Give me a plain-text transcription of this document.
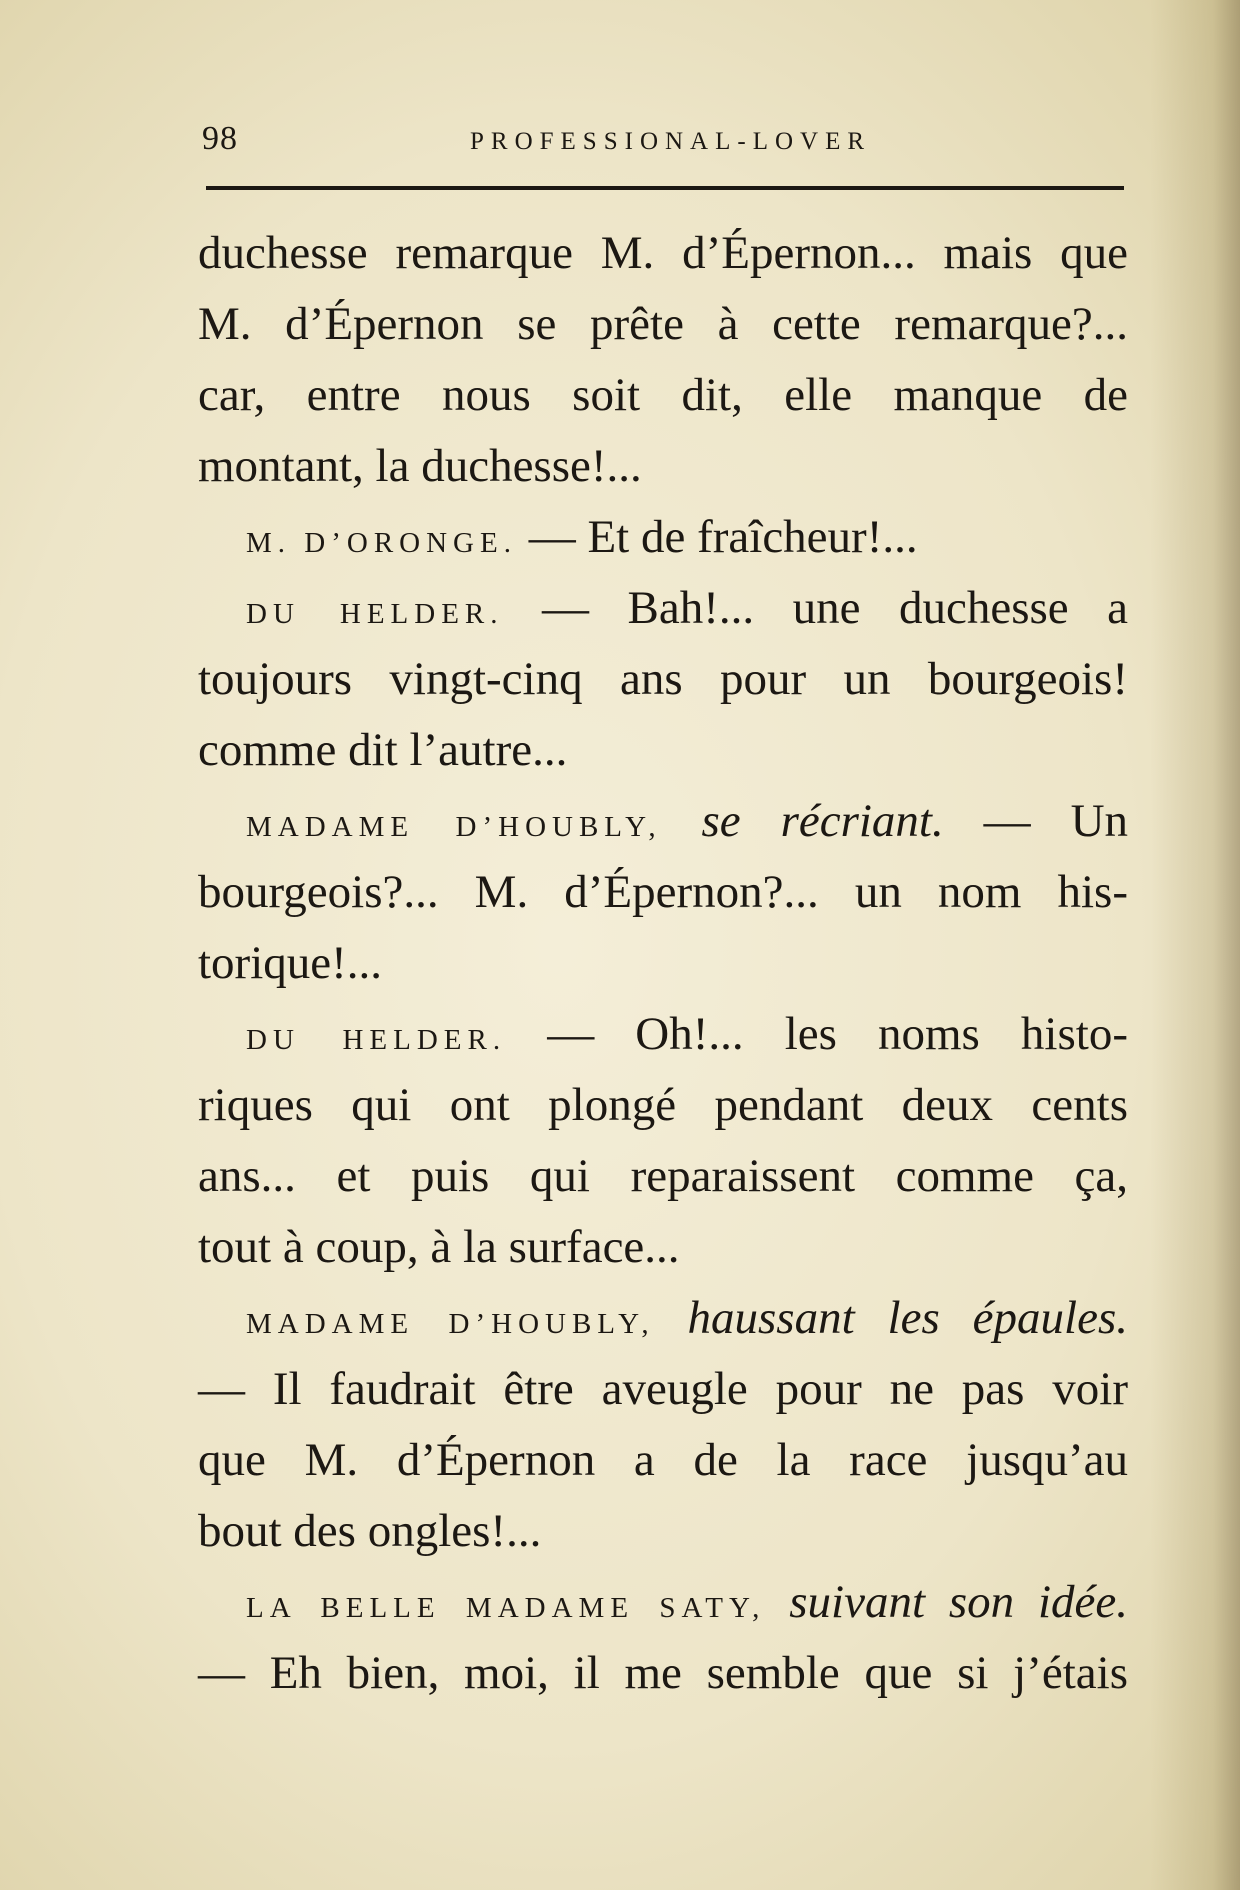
98	PROFESSIONAL-LOVER
duchesse remarque M. d’Épernon... mais que
M. d’Épernon se prête à cette remarque?...
car, entre nous soit dit, elle manque de
montant, la duchesse!...
M. D’ORONGE. — Et de fraîcheur!...
DU HELDER. — Bah!... une duchesse a
toujours vingt-cinq ans pour un bourgeois!
comme dit l’autre...
MADAME D’HOUBLY, se récriant. — Un
bourgeois?... M. d’Épernon?... un nom his-
torique!...
DU HELDER. — Oh!... les noms histo-
riques qui ont plongé pendant deux cents
ans... et puis qui reparaissent comme ça,
tout à coup, à la surface...
MADAME D’HOUBLY, haussant les épaules.
— Il faudrait être aveugle pour ne pas voir
que M. d’Épernon a de la race jusqu’au
bout des ongles!...
LA BELLE MADAME SATY, suivant son idée.
— Eh bien, moi, il me semble que si j’étais
